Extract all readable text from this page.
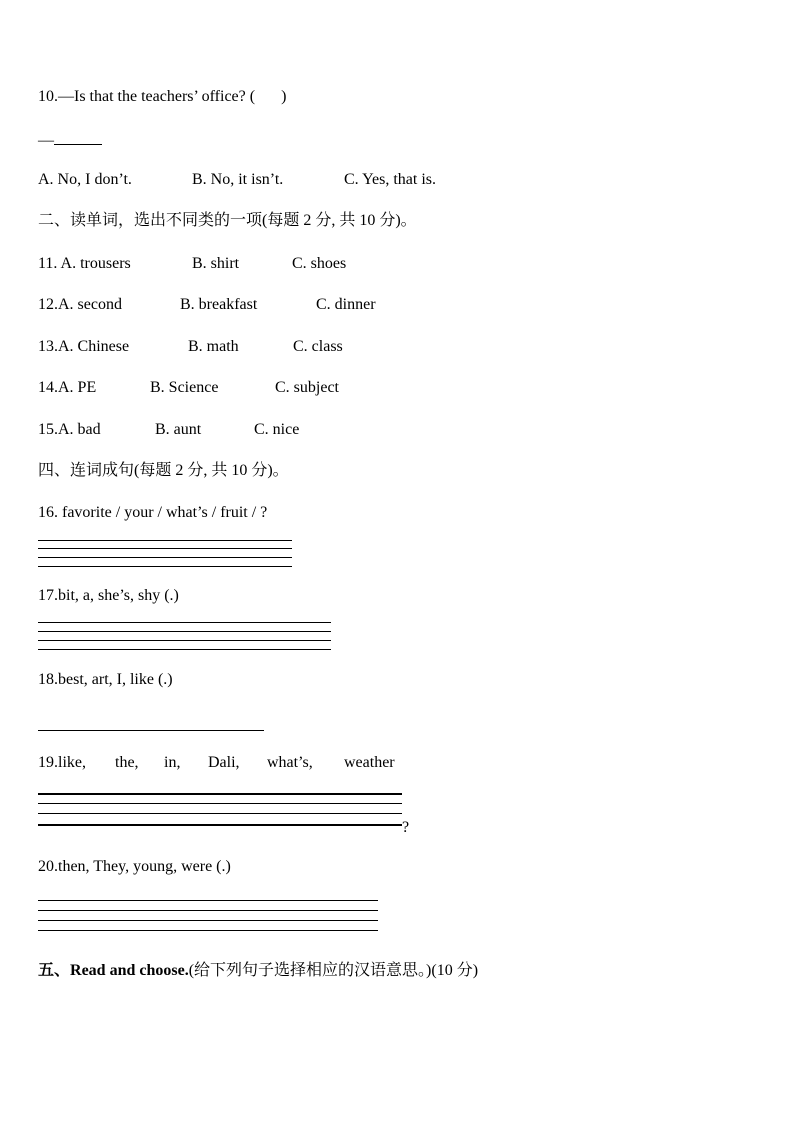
10.—Is that the teachers’ office? ( )
—
A. No, I don’t.	B. No, it isn’t.	C. Yes, that is.
二、读单词，选出不同类的一项(每题 2 分, 共 10 分)。
11. A. trousers	B. shirt	C. shoes
12.A. second	B. breakfast	C. dinner
13.A. Chinese	B. math	C. class
14.A. PE	B. Science	C. subject
15.A. bad	B. aunt	C. nice
四、连词成句(每题 2 分, 共 10 分)。
16. favorite / your / what’s / fruit / ?
17.bit, a, she’s, shy (.)
18.best, art, I, like (.)
19.like, the, in, Dali, what’s, weather
?
20.then, They, young, were (.)
五、Read and choose.(给下列句子选择相应的汉语意思。)(10 分)
